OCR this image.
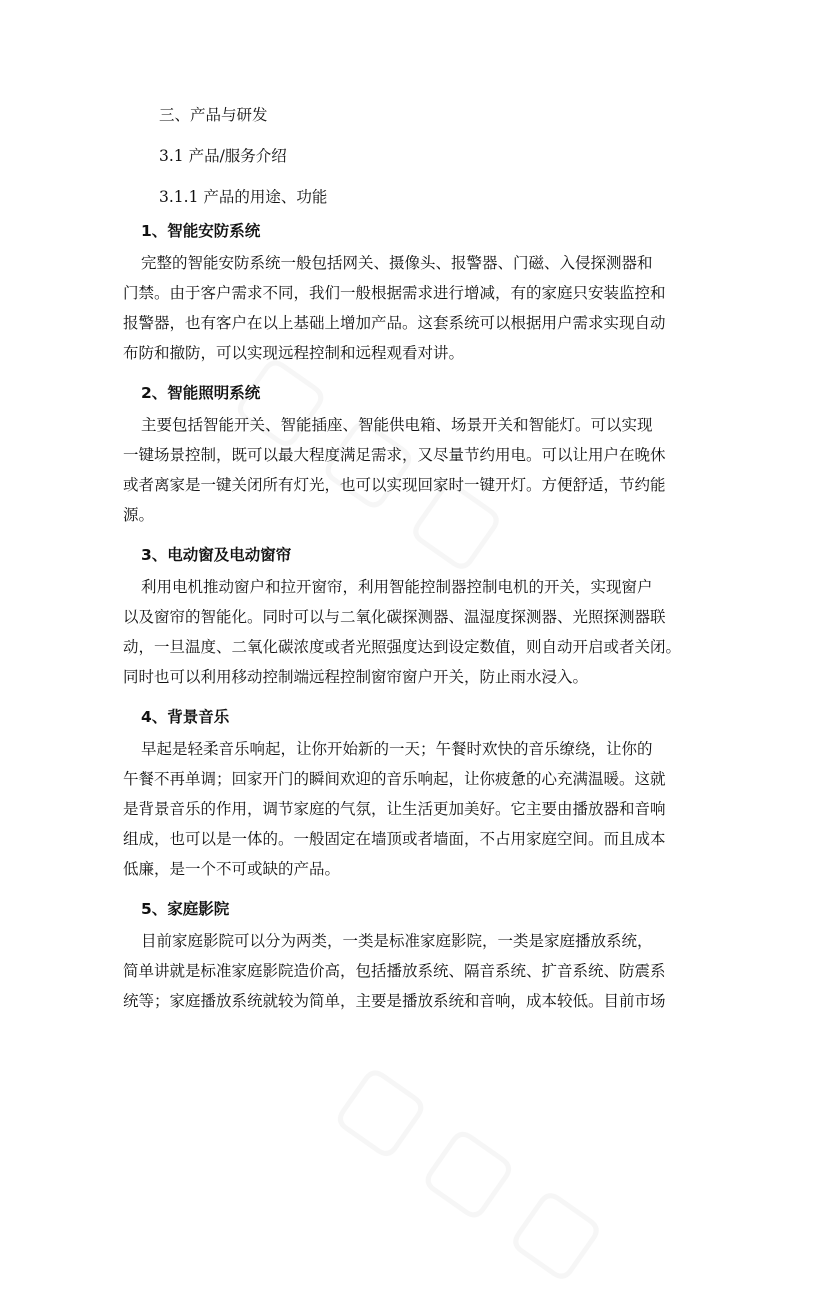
三、产品与研发

3.1 产品/服务介绍

3.1.1 产品的用途、功能

1、智能安防系统

完整的智能安防系统一般包括网关、摄像头、报警器、门磁、入侵探测器和
门禁。由于客户需求不同，我们一般根据需求进行增减，有的家庭只安装监控和
报警器，也有客户在以上基础上增加产品。这套系统可以根据用户需求实现自动
布防和撤防，可以实现远程控制和远程观看对讲。

2、智能照明系统

主要包括智能开关、智能插座、智能供电箱、场景开关和智能灯。可以实现
一键场景控制，既可以最大程度满足需求，又尽量节约用电。可以让用户在晚休
或者离家是一键关闭所有灯光，也可以实现回家时一键开灯。方便舒适，节约能
源。

3、电动窗及电动窗帘

利用电机推动窗户和拉开窗帘，利用智能控制器控制电机的开关，实现窗户
以及窗帘的智能化。同时可以与二氧化碳探测器、温湿度探测器、光照探测器联
动，一旦温度、二氧化碳浓度或者光照强度达到设定数值，则自动开启或者关闭。
同时也可以利用移动控制端远程控制窗帘窗户开关，防止雨水浸入。

4、背景音乐

早起是轻柔音乐响起，让你开始新的一天；午餐时欢快的音乐缭绕，让你的
午餐不再单调；回家开门的瞬间欢迎的音乐响起，让你疲惫的心充满温暖。这就
是背景音乐的作用，调节家庭的气氛，让生活更加美好。它主要由播放器和音响
组成，也可以是一体的。一般固定在墙顶或者墙面，不占用家庭空间。而且成本
低廉，是一个不可或缺的产品。

5、家庭影院

目前家庭影院可以分为两类，一类是标准家庭影院，一类是家庭播放系统，
简单讲就是标准家庭影院造价高，包括播放系统、隔音系统、扩音系统、防震系
统等；家庭播放系统就较为简单，主要是播放系统和音响，成本较低。目前市场
